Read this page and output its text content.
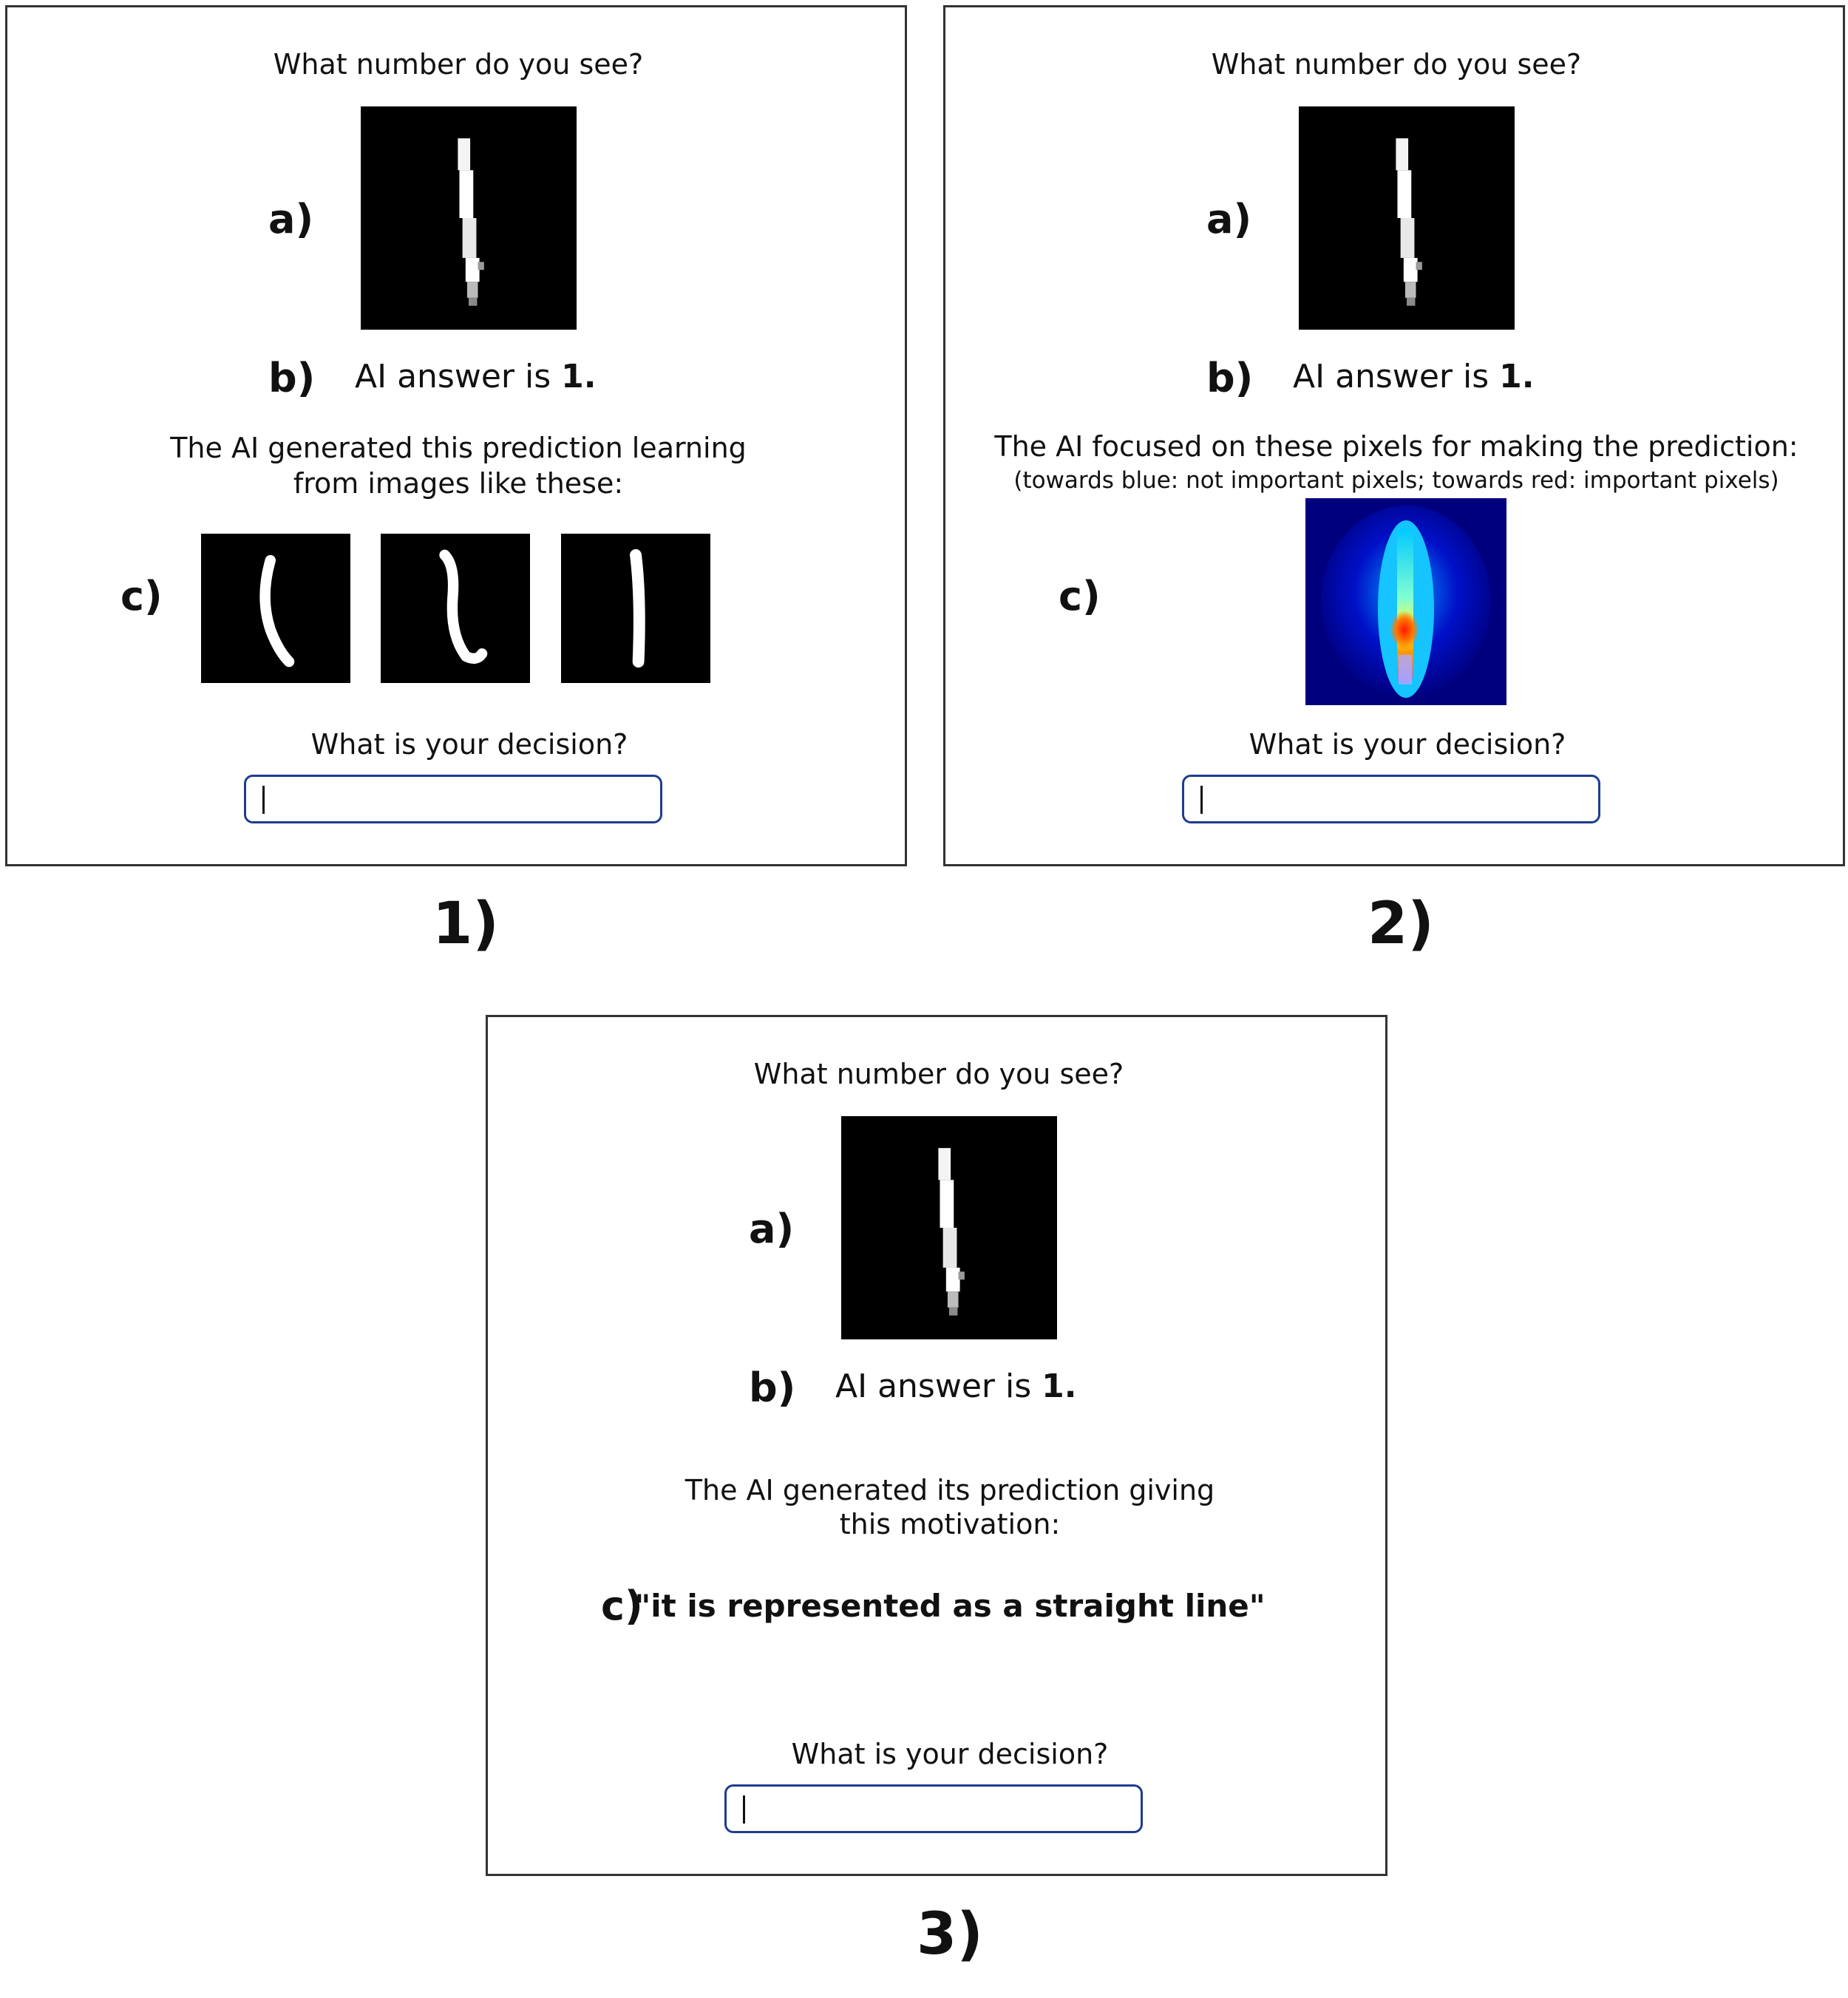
What number do you see?
a)
b) AI answer is 1.
The AI generated this prediction learning from images like these:
c)
What is your decision?
1)
What number do you see?
a)
b) AI answer is 1.
The AI focused on these pixels for making the prediction:
(towards blue: not important pixels; towards red: important pixels)
c)
What is your decision?
2)
What number do you see?
a)
b) AI answer is 1.
The AI generated its prediction giving
this motivation:
c)
"it is represented as a straight line"
What is your decision?
3)
